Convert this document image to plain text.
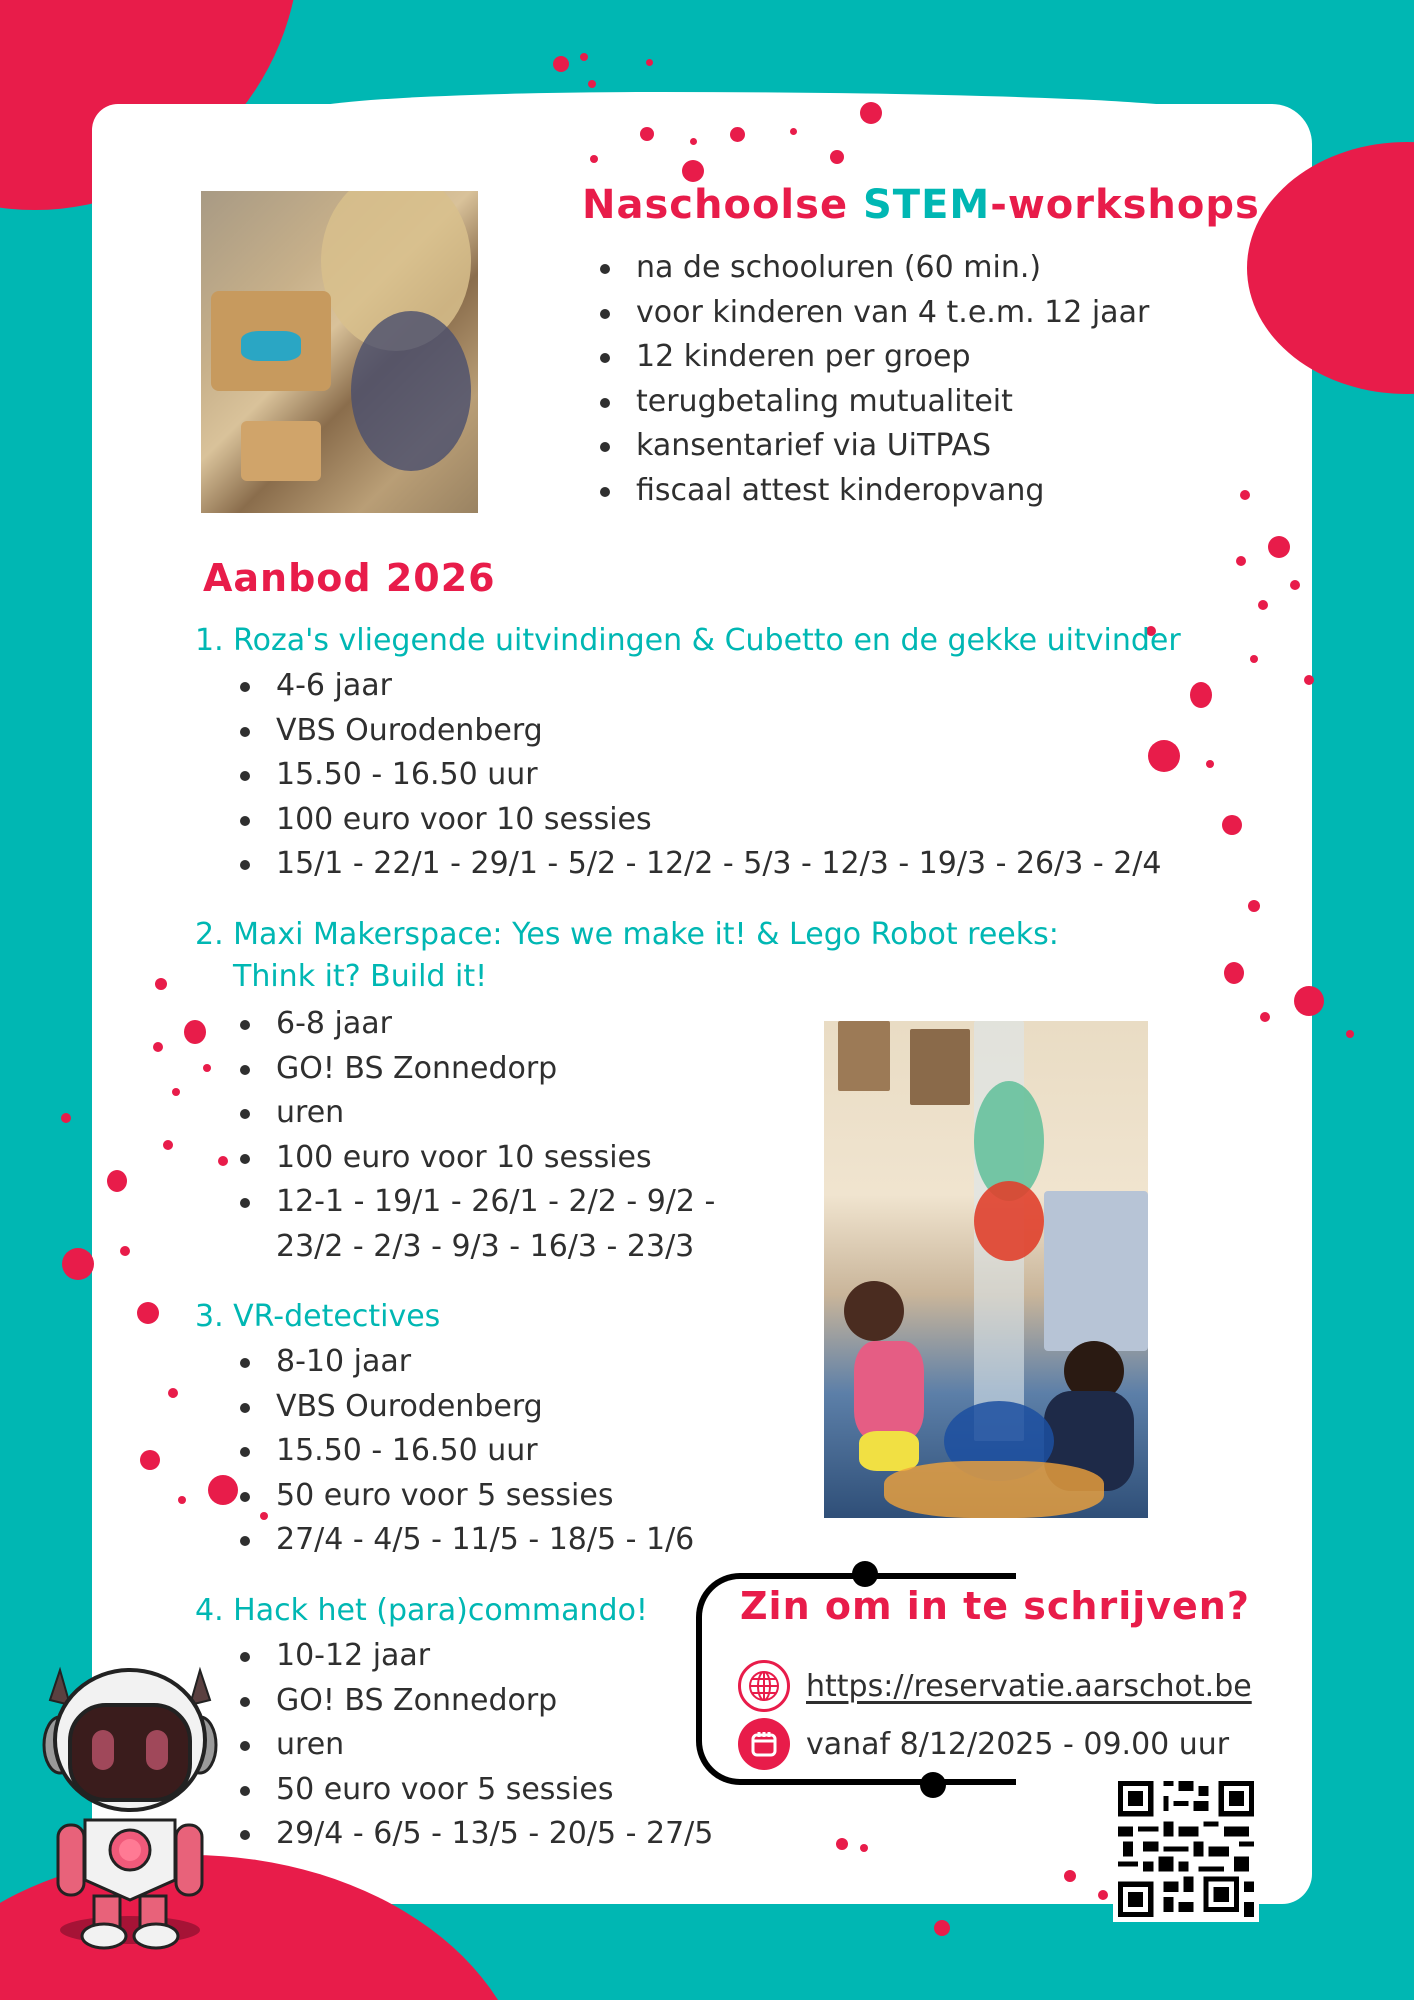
Naschoolse STEM-workshops
na de schooluren (60 min.)
voor kinderen van 4 t.e.m. 12 jaar
12 kinderen per groep
terugbetaling mutualiteit
kansentarief via UiTPAS
fiscaal attest kinderopvang
Aanbod 2026
1. Roza's vliegende uitvindingen & Cubetto en de gekke uitvinder
4-6 jaar
VBS Ourodenberg
15.50 - 16.50 uur
100 euro voor 10 sessies
15/1 - 22/1 - 29/1 - 5/2 - 12/2 - 5/3 - 12/3 - 19/3 - 26/3 - 2/4
2. Maxi Makerspace: Yes we make it! & Lego Robot reeks:
Think it? Build it!
6-8 jaar
GO! BS Zonnedorp
uren
100 euro voor 10 sessies
12-1 - 19/1 - 26/1 - 2/2 - 9/2 -
23/2 - 2/3 - 9/3 - 16/3 - 23/3
3. VR-detectives
8-10 jaar
VBS Ourodenberg
15.50 - 16.50 uur
50 euro voor 5 sessies
27/4 - 4/5 - 11/5 - 18/5 - 1/6
4. Hack het (para)commando!
10-12 jaar
GO! BS Zonnedorp
uren
50 euro voor 5 sessies
29/4 - 6/5 - 13/5 - 20/5 - 27/5
Zin om in te schrijven?
https://reservatie.aarschot.be
vanaf 8/12/2025 - 09.00 uur
